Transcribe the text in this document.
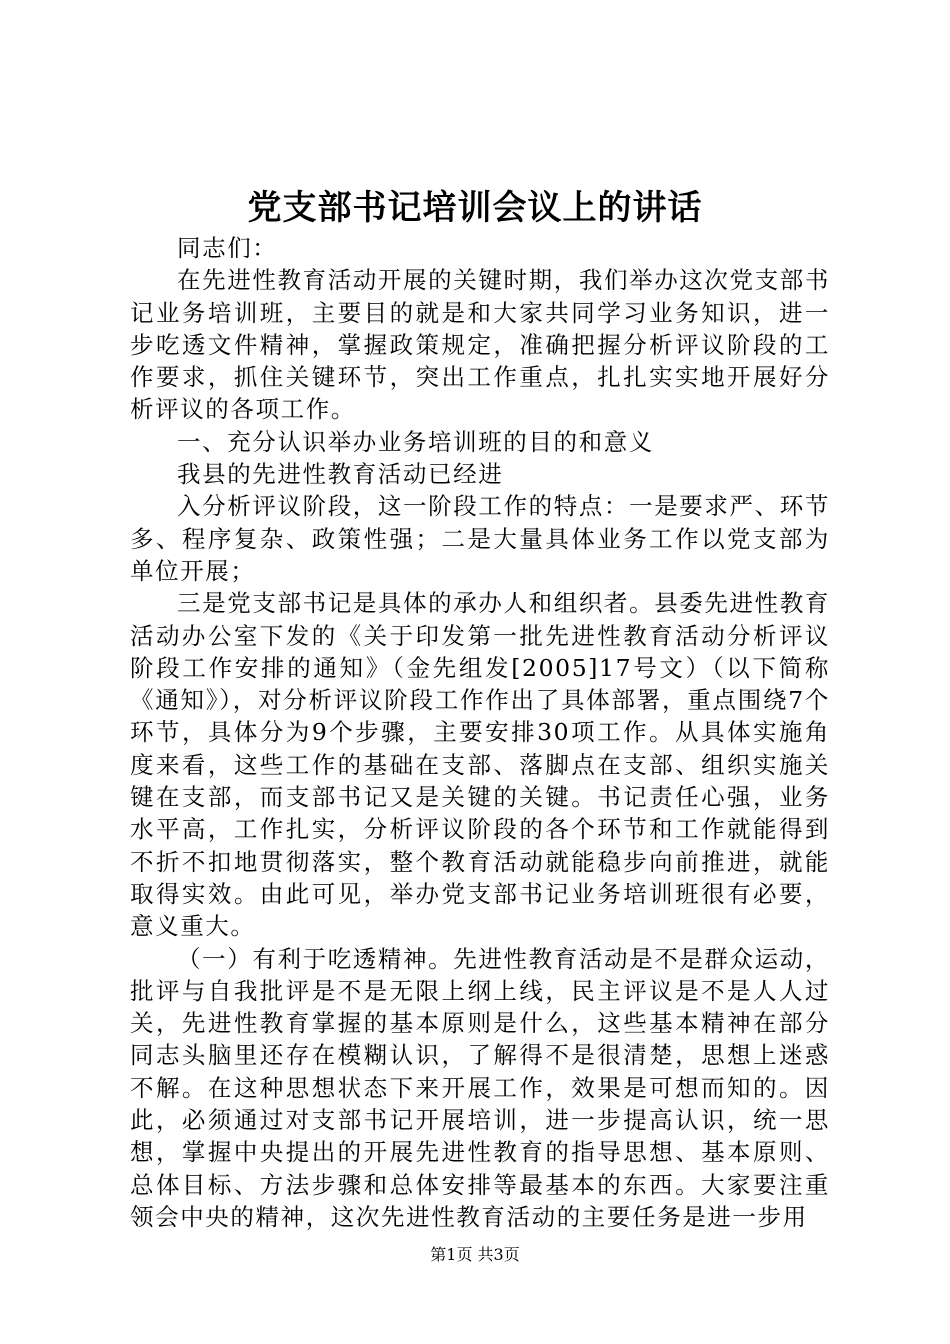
党支部书记培训会议上的讲话

同志们：

在先进性教育活动开展的关键时期，我们举办这次党支部书记业务培训班，主要目的就是和大家共同学习业务知识，进一步吃透文件精神，掌握政策规定，准确把握分析评议阶段的工作要求，抓住关键环节，突出工作重点，扎扎实实地开展好分析评议的各项工作。

一、充分认识举办业务培训班的目的和意义

我县的先进性教育活动已经进

入分析评议阶段，这一阶段工作的特点：一是要求严、环节多、程序复杂、政策性强；二是大量具体业务工作以党支部为单位开展；

三是党支部书记是具体的承办人和组织者。县委先进性教育活动办公室下发的《关于印发第一批先进性教育活动分析评议阶段工作安排的通知》（金先组发[2005]17号文）（以下简称《通知》），对分析评议阶段工作作出了具体部署，重点围绕7个环节，具体分为9个步骤，主要安排30项工作。从具体实施角度来看，这些工作的基础在支部、落脚点在支部、组织实施关键在支部，而支部书记又是关键的关键。书记责任心强，业务水平高，工作扎实，分析评议阶段的各个环节和工作就能得到不折不扣地贯彻落实，整个教育活动就能稳步向前推进，就能取得实效。由此可见，举办党支部书记业务培训班很有必要，意义重大。

（一）有利于吃透精神。先进性教育活动是不是群众运动，批评与自我批评是不是无限上纲上线，民主评议是不是人人过关，先进性教育掌握的基本原则是什么，这些基本精神在部分同志头脑里还存在模糊认识，了解得不是很清楚，思想上迷惑不解。在这种思想状态下来开展工作，效果是可想而知的。因此，必须通过对支部书记开展培训，进一步提高认识，统一思想，掌握中央提出的开展先进性教育的指导思想、基本原则、总体目标、方法步骤和总体安排等最基本的东西。大家要注重领会中央的精神，这次先进性教育活动的主要任务是进一步用

第1页 共3页
